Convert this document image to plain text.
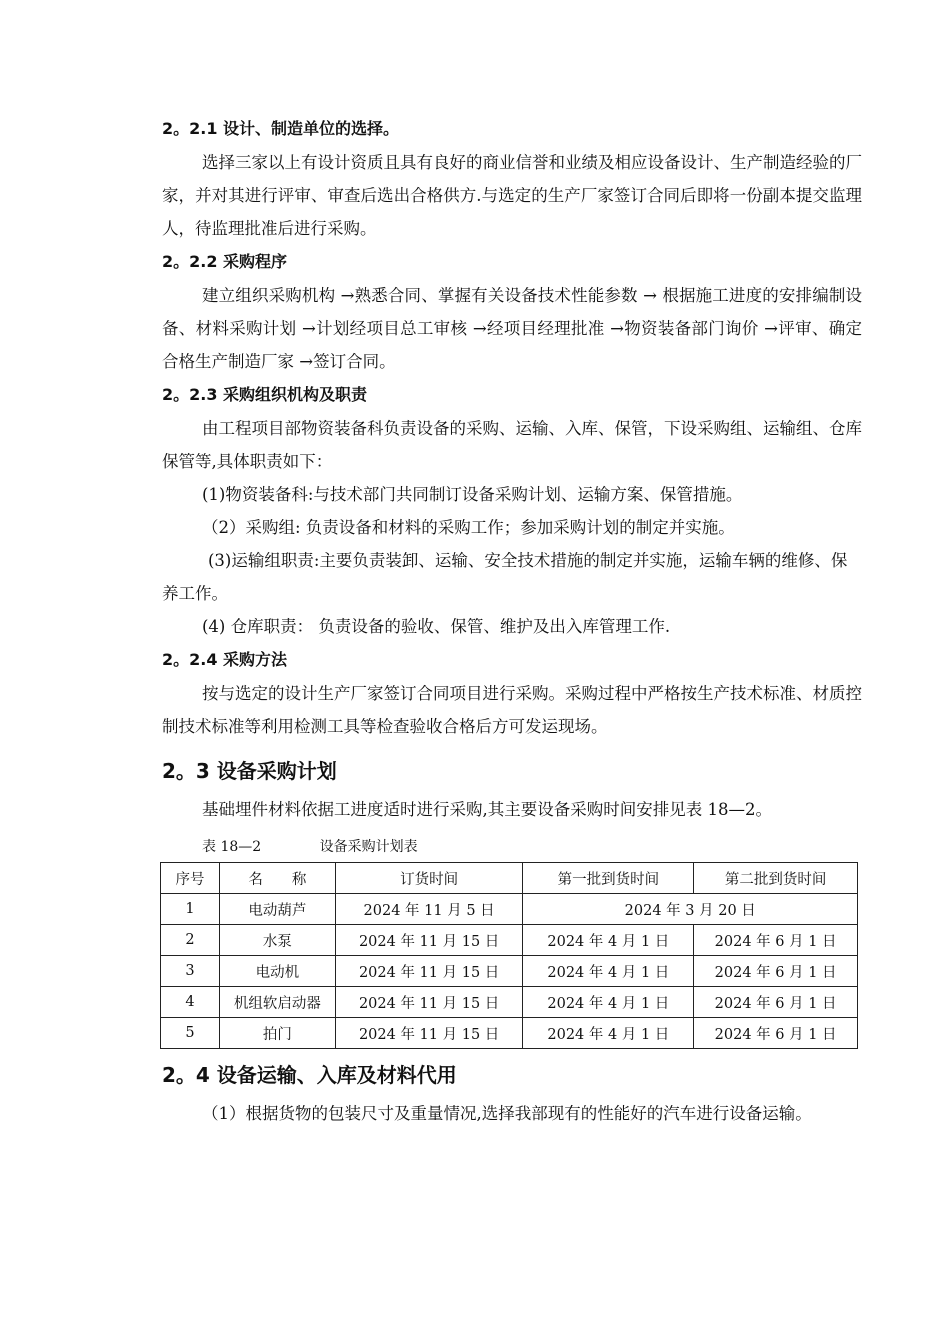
2。2.1 设计、制造单位的选择。
选择三家以上有设计资质且具有良好的商业信誉和业绩及相应设备设计、生产制造经验的厂家，并对其进行评审、审查后选出合格供方.与选定的生产厂家签订合同后即将一份副本提交监理人，待监理批准后进行采购。
2。2.2 采购程序
建立组织采购机构 →熟悉合同、掌握有关设备技术性能参数 → 根据施工进度的安排编制设备、材料采购计划 →计划经项目总工审核 →经项目经理批准 →物资装备部门询价 →评审、确定合格生产制造厂家 →签订合同。
2。2.3 采购组织机构及职责
由工程项目部物资装备科负责设备的采购、运输、入库、保管，下设采购组、运输组、仓库保管等,具体职责如下：
(1)物资装备科:与技术部门共同制订设备采购计划、运输方案、保管措施。
（2）采购组: 负责设备和材料的采购工作；参加采购计划的制定并实施。
(3)运输组职责:主要负责装卸、运输、安全技术措施的制定并实施，运输车辆的维修、保养工作。
(4) 仓库职责： 负责设备的验收、保管、维护及出入库管理工作.
2。2.4 采购方法
按与选定的设计生产厂家签订合同项目进行采购。采购过程中严格按生产技术标准、材质控制技术标准等利用检测工具等检查验收合格后方可发运现场。
2。3 设备采购计划
基础埋件材料依据工进度适时进行采购,其主要设备采购时间安排见表 18—2。
表 18—2	设备采购计划表
序号	名　　称	订货时间	第一批到货时间	第二批到货时间
1	电动葫芦	2024 年 11 月 5 日	2024 年 3 月 20 日	
2	水泵	2024 年 11 月 15 日	2024 年 4 月 1 日	2024 年 6 月 1 日
3	电动机	2024 年 11 月 15 日	2024 年 4 月 1 日	2024 年 6 月 1 日
4	机组软启动器	2024 年 11 月 15 日	2024 年 4 月 1 日	2024 年 6 月 1 日
5	拍门	2024 年 11 月 15 日	2024 年 4 月 1 日	2024 年 6 月 1 日
2。4 设备运输、入库及材料代用
（1）根据货物的包装尺寸及重量情况,选择我部现有的性能好的汽车进行设备运输。
